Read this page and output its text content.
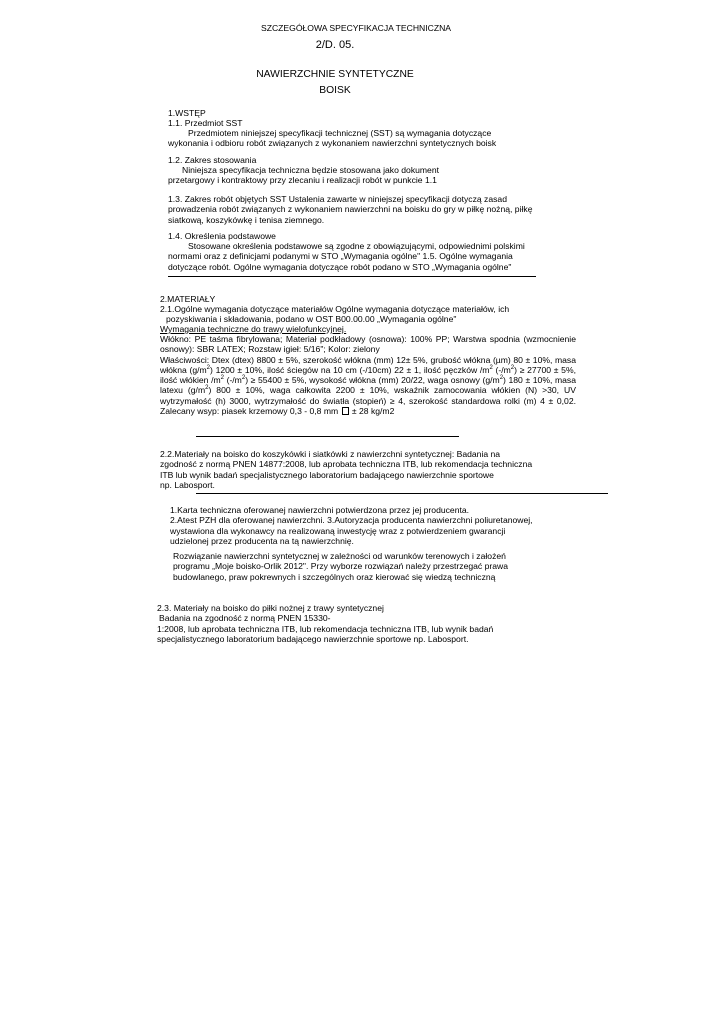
SZCZEGÓŁOWA SPECYFIKACJA TECHNICZNA
2/D. 05.
NAWIERZCHNIE SYNTETYCZNE
BOISK
1.WSTĘP
1.1. Przedmiot SST
Przedmiotem niniejszej specyfikacji technicznej (SST) są wymagania dotyczące
wykonania i odbioru robót związanych z wykonaniem nawierzchni syntetycznych boisk
1.2. Zakres stosowania
Niniejsza specyfikacja techniczna będzie stosowana jako dokument
przetargowy i kontraktowy przy zlecaniu i realizacji robót w punkcie 1.1
1.3. Zakres robót objętych SST Ustalenia zawarte w niniejszej specyfikacji dotyczą zasad
prowadzenia robót związanych z wykonaniem nawierzchni na boisku do gry w piłkę nożną, piłkę
siatkową, koszykówkę i tenisa ziemnego.
1.4. Określenia podstawowe
Stosowane określenia podstawowe są zgodne z obowiązującymi, odpowiednimi polskimi
normami oraz z definicjami podanymi w STO „Wymagania ogólne" 1.5. Ogólne wymagania
dotyczące robót. Ogólne wymagania dotyczące robót podano w STO „Wymagania ogólne"
2.MATERIAŁY
2.1.Ogólne wymagania dotyczące materiałów Ogólne wymagania dotyczące materiałów, ich
pozyskiwania i składowania, podano w OST B00.00.00 „Wymagania ogólne"
Wymagania techniczne do trawy wielofunkcyjnej.
Włókno: PE taśma fibrylowana; Materiał podkładowy (osnowa): 100% PP; Warstwa spodnia (wzmocnienie
osnowy): SBR LATEX; Rozstaw igieł: 5/16"; Kolor: zielony
Właściwości: Dtex (dtex) 8800 ± 5%, szerokość włókna (mm) 12± 5%, grubość włókna (µm) 80 ± 10%, masa
włókna $(g/m^2) 1200 \pm 10\%$, ilość ściegów na 10 cm (-/10cm) 22 ± 1, ilość pęczków $/m^2$ $(-/m^2) \ge 27700 \pm 5\%$,
ilość włókien $/m^2$ $(-/m^2) \ge 55400 \pm 5\%$, wysokość włókna (mm) 20/22, waga osnowy $(g/m^2) 180 \pm 10\%$, masa
latexu $(g/m^2) 800 \pm 10\%$, waga całkowita 2200 ± 10%, wskaźnik zamocowania włókien (N) >30, UV
wytrzymałość (h) 3000, wytrzymałość do światła (stopień) ≥ 4, szerokość standardowa rolki (m) 4 ± 0,02.
Zalecany wsyp: piasek krzemowy 0,3 - 0,8 mm ± 28 kg/m2
2.2.Materiały na boisko do koszykówki i siatkówki z nawierzchni syntetycznej: Badania na
zgodność z normą PNEN 14877:2008, lub aprobata techniczna ITB, lub rekomendacja techniczna
ITB lub wynik badań specjalistycznego laboratorium badającego nawierzchnie sportowe
np. Labosport.
1.Karta techniczna oferowanej nawierzchni potwierdzona przez jej producenta.
2.Atest PZH dla oferowanej nawierzchni. 3.Autoryzacja producenta nawierzchni poliuretanowej,
wystawiona dla wykonawcy na realizowaną inwestycję wraz z potwierdzeniem gwarancji
udzielonej przez producenta na tą nawierzchnię.
Rozwiązanie nawierzchni syntetycznej w zależności od warunków terenowych i założeń
programu „Moje boisko-Orlik 2012". Przy wyborze rozwiązań należy przestrzegać prawa
budowlanego, praw pokrewnych i szczególnych oraz kierować się wiedzą techniczną
2.3. Materiały na boisko do piłki nożnej z trawy syntetycznej
Badania na zgodność z normą PNEN 15330-
1:2008, lub aprobata techniczna ITB, lub rekomendacja techniczna ITB, lub wynik badań
specjalistycznego laboratorium badającego nawierzchnie sportowe np. Labosport.
